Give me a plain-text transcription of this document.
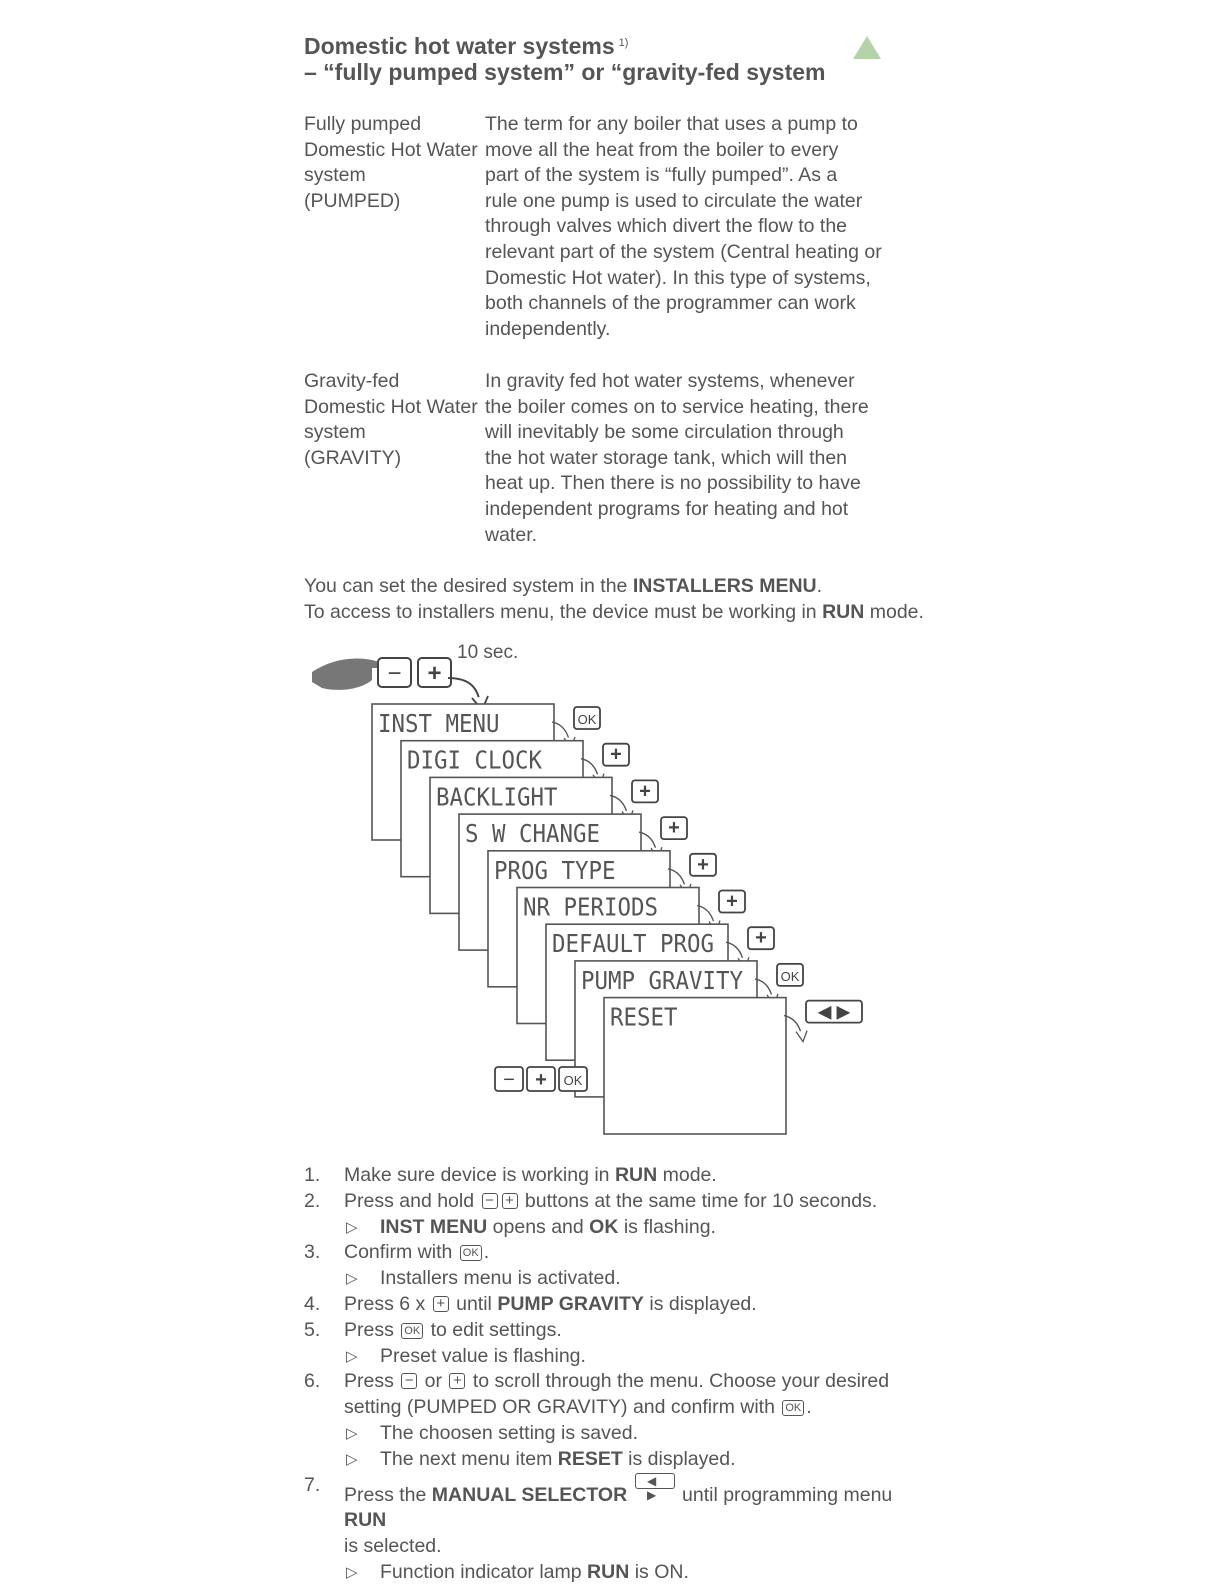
Domestic hot water systems $^{1)}$
– “fully pumped system” or “gravity-fed system
Fully pumped
Domestic Hot Water
system
(PUMPED)
The term for any boiler that uses a pump to
move all the heat from the boiler to every
part of the system is “fully pumped”. As a
rule one pump is used to circulate the water
through valves which divert the flow to the
relevant part of the system (Central heating or
Domestic Hot water). In this type of systems,
both channels of the programmer can work
independently.
Gravity-fed
Domestic Hot Water
system
(GRAVITY)
In gravity fed hot water systems, whenever
the boiler comes on to service heating, there
will inevitably be some circulation through
the hot water storage tank, which will then
heat up. Then there is no possibility to have
independent programs for heating and hot
water.
You can set the desired system in the INSTALLERS MENU.
To access to installers menu, the device must be working in RUN mode.
− +
10 sec.
INST MENU	OK
DIGI CLOCK	+
BACKLIGHT	+
S W CHANGE	+
PROG TYPE	+
NR PERIODS	+
DEFAULT PROG +
PUMP GRAVITY	OK
RESET	◀ ▶
− + OK
1. Make sure device is working in RUN mode.
2. Press and hold − + buttons at the same time for 10 seconds.
▷ INST MENU opens and OK is flashing.
3. Confirm with OK .
▷ Installers menu is activated.
4. Press 6 x + until PUMP GRAVITY is displayed.
5. Press OK to edit settings.
▷ Preset value is flashing.
6. Press − or + to scroll through the menu. Choose your desired
setting (PUMPED OR GRAVITY) and confirm with OK .
▷ The choosen setting is saved.
▷ The next menu item RESET is displayed.
7. Press the MANUAL SELECTOR ◀ ▶ until programming menu RUN
is selected.
▷ Function indicator lamp RUN is ON.
